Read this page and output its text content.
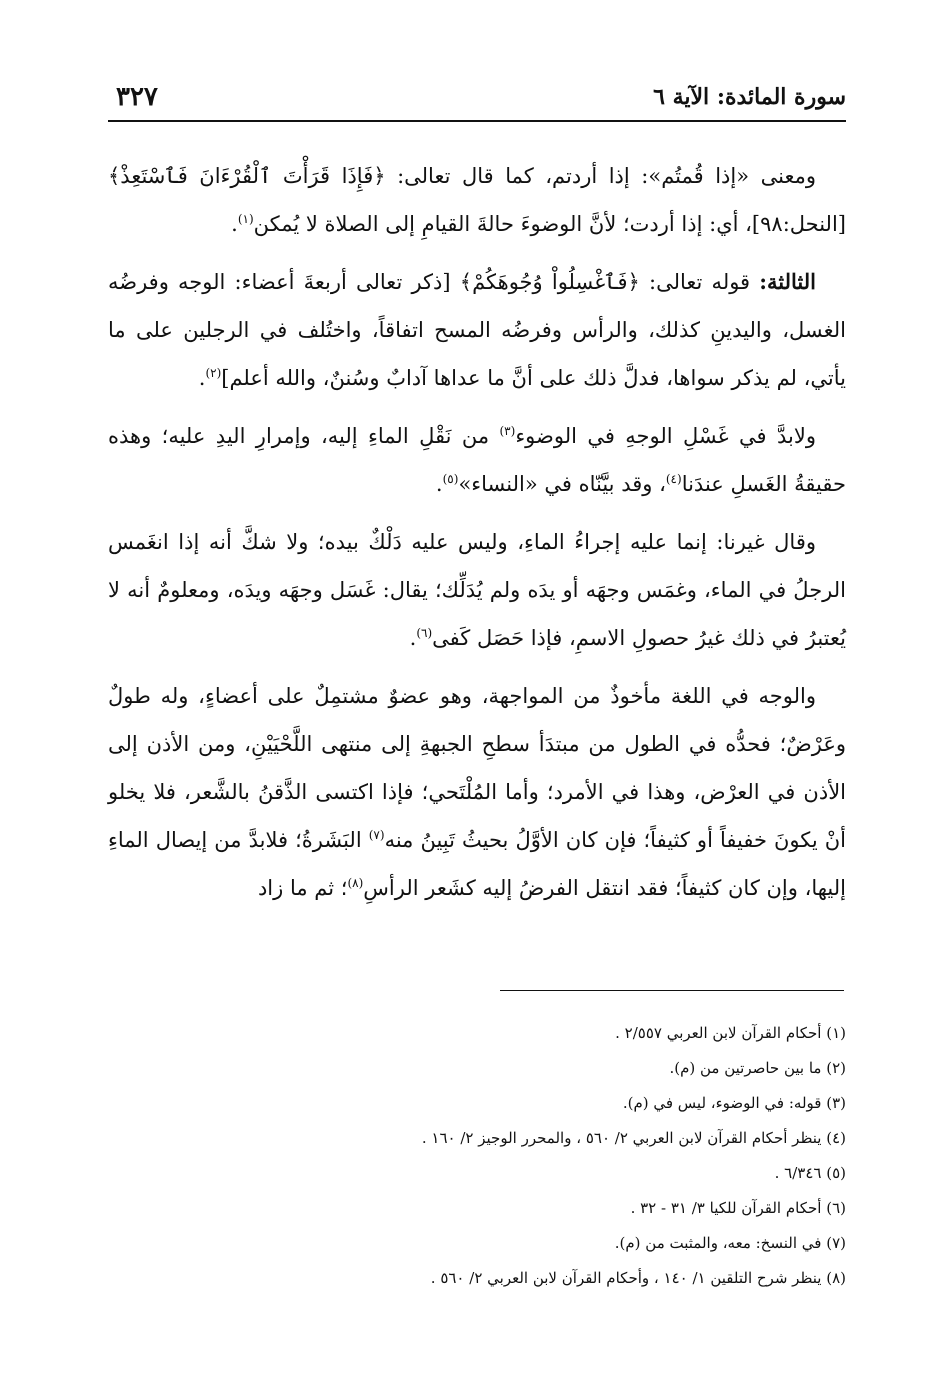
سورة المائدة: الآية ٦
٣٢٧

ومعنى «إذا قُمتُم»: إذا أردتم، كما قال تعالى: ﴿فَإِذَا قَرَأْتَ ٱلْقُرْءَانَ فَٱسْتَعِذْ﴾ [النحل:٩٨]، أي: إذا أردت؛ لأنَّ الوضوءَ حالةَ القيامِ إلى الصلاة لا يُمكن$^{(١)}$.

الثالثة: قوله تعالى: ﴿فَٱغْسِلُواْ وُجُوهَكُمْ﴾ [ذكر تعالى أربعةَ أعضاء: الوجه وفرضُه الغسل، واليدينِ كذلك، والرأس وفرضُه المسح اتفاقاً، واختُلف في الرجلين على ما يأتي، لم يذكر سواها، فدلَّ ذلك على أنَّ ما عداها آدابٌ وسُننٌ، والله أعلم]$^{(٢)}$.

ولابدَّ في غَسْلِ الوجهِ في الوضوء$^{(٣)}$ من نَقْلِ الماءِ إليه، وإمرارِ اليدِ عليه؛ وهذه حقيقةُ الغَسلِ عندَنا$^{(٤)}$، وقد بيَّنّاه في «النساء»$^{(٥)}$.

وقال غيرنا: إنما عليه إجراءُ الماءِ، وليس عليه دَلْكٌ بيده؛ ولا شكَّ أنه إذا انغَمس الرجلُ في الماء، وغمَس وجهَه أو يدَه ولم يُدَلِّك؛ يقال: غَسَل وجهَه ويدَه، ومعلومٌ أنه لا يُعتبرُ في ذلك غيرُ حصولِ الاسمِ، فإذا حَصَل كَفى$^{(٦)}$.

والوجه في اللغة مأخوذٌ من المواجهة، وهو عضوٌ مشتمِلٌ على أعضاءٍ، وله طولٌ وعَرْضٌ؛ فحدُّه في الطول من مبتدَأ سطحِ الجبهةِ إلى منتهى اللَّحْيَيْنِ، ومن الأذن إلى الأذن في العرْض، وهذا في الأمرد؛ وأما المُلْتَحي؛ فإذا اكتسى الذَّقنُ بالشَّعر، فلا يخلو أنْ يكونَ خفيفاً أو كثيفاً؛ فإن كان الأوَّلُ بحيثُ تَبِينُ منه$^{(٧)}$ البَشَرةُ؛ فلابدَّ من إيصال الماءِ إليها، وإن كان كثيفاً؛ فقد انتقل الفرضُ إليه كشَعر الرأسِ$^{(٨)}$؛ ثم ما زاد

(١) أحكام القرآن لابن العربي ٢/٥٥٧ .
(٢) ما بين حاصرتين من (م).
(٣) قوله: في الوضوء، ليس في (م).
(٤) ينظر أحكام القرآن لابن العربي ٢/ ٥٦٠ ، والمحرر الوجيز ٢/ ١٦٠ .
(٥) ٦/٣٤٦ .
(٦) أحكام القرآن للكيا ٣/ ٣١ - ٣٢ .
(٧) في النسخ: معه، والمثبت من (م).
(٨) ينظر شرح التلقين ١/ ١٤٠ ، وأحكام القرآن لابن العربي ٢/ ٥٦٠ .
